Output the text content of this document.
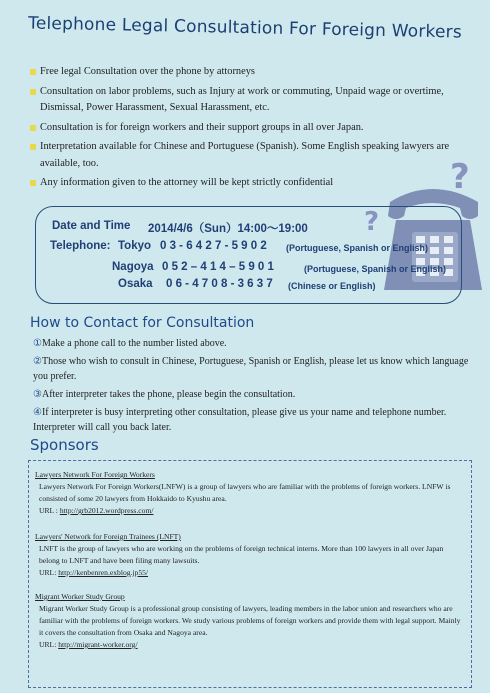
Telephone Legal Consultation For Foreign Workers
Free legal Consultation over the phone by attorneys
Consultation on labor problems, such as Injury at work or commuting, Unpaid wage or overtime, Dismissal, Power Harassment, Sexual Harassment, etc.
Consultation is for foreign workers and their support groups in all over Japan.
Interpretation available for Chinese and Portuguese (Spanish). Some English speaking lawyers are available, too.
Any information given to the attorney will be kept strictly confidential	?
?
Date and Time 2014/4/6（Sun）14:00～19:00
Telephone: Tokyo 0 3 - 6 4 2 7 - 5 9 0 2 (Portuguese, Spanish or English)
Nagoya 0 5 2 – 4 1 4 – 5 9 0 1	(Portuguese, Spanish or English)
Osaka 0 6 - 4 7 0 8 - 3 6 3 7 (Chinese or English)
How to Contact for Consultation
①Make a phone call to the number listed above.
②Those who wish to consult in Chinese, Portuguese, Spanish or English, please let us know which language you prefer.
③After interpreter takes the phone, please begin the consultation.
④If interpreter is busy interpreting other consultation, please give us your name and telephone number. Interpreter will call you back later.
Sponsors
Lawyers Network For Foreign Workers
Lawyers Network For Foreign Workers(LNFW) is a group of lawyers who are familiar with the problems of foreign workers. LNFW is consisted of some 20 lawyers from Hokkaido to Kyushu area.
URL : http://grb2012.wordpress.com/
Lawyers' Network for Foreign Trainees (LNFT)
LNFT is the group of lawyers who are working on the problems of foreign technical interns. More than 100 lawyers in all over Japan belong to LNFT and have been filing many lawsuits.
URL: http://kenbenren.exblog.jp55/
Migrant Worker Study Group
Migrant Worker Study Group is a professional group consisting of lawyers, leading members in the labor union and researchers who are familiar with the problems of foreign workers. We study various problems of foreign workers and provide them with legal support. Mainly it covers the consultation from Osaka and Nagoya area.
URL: http://migrant-worker.org/
